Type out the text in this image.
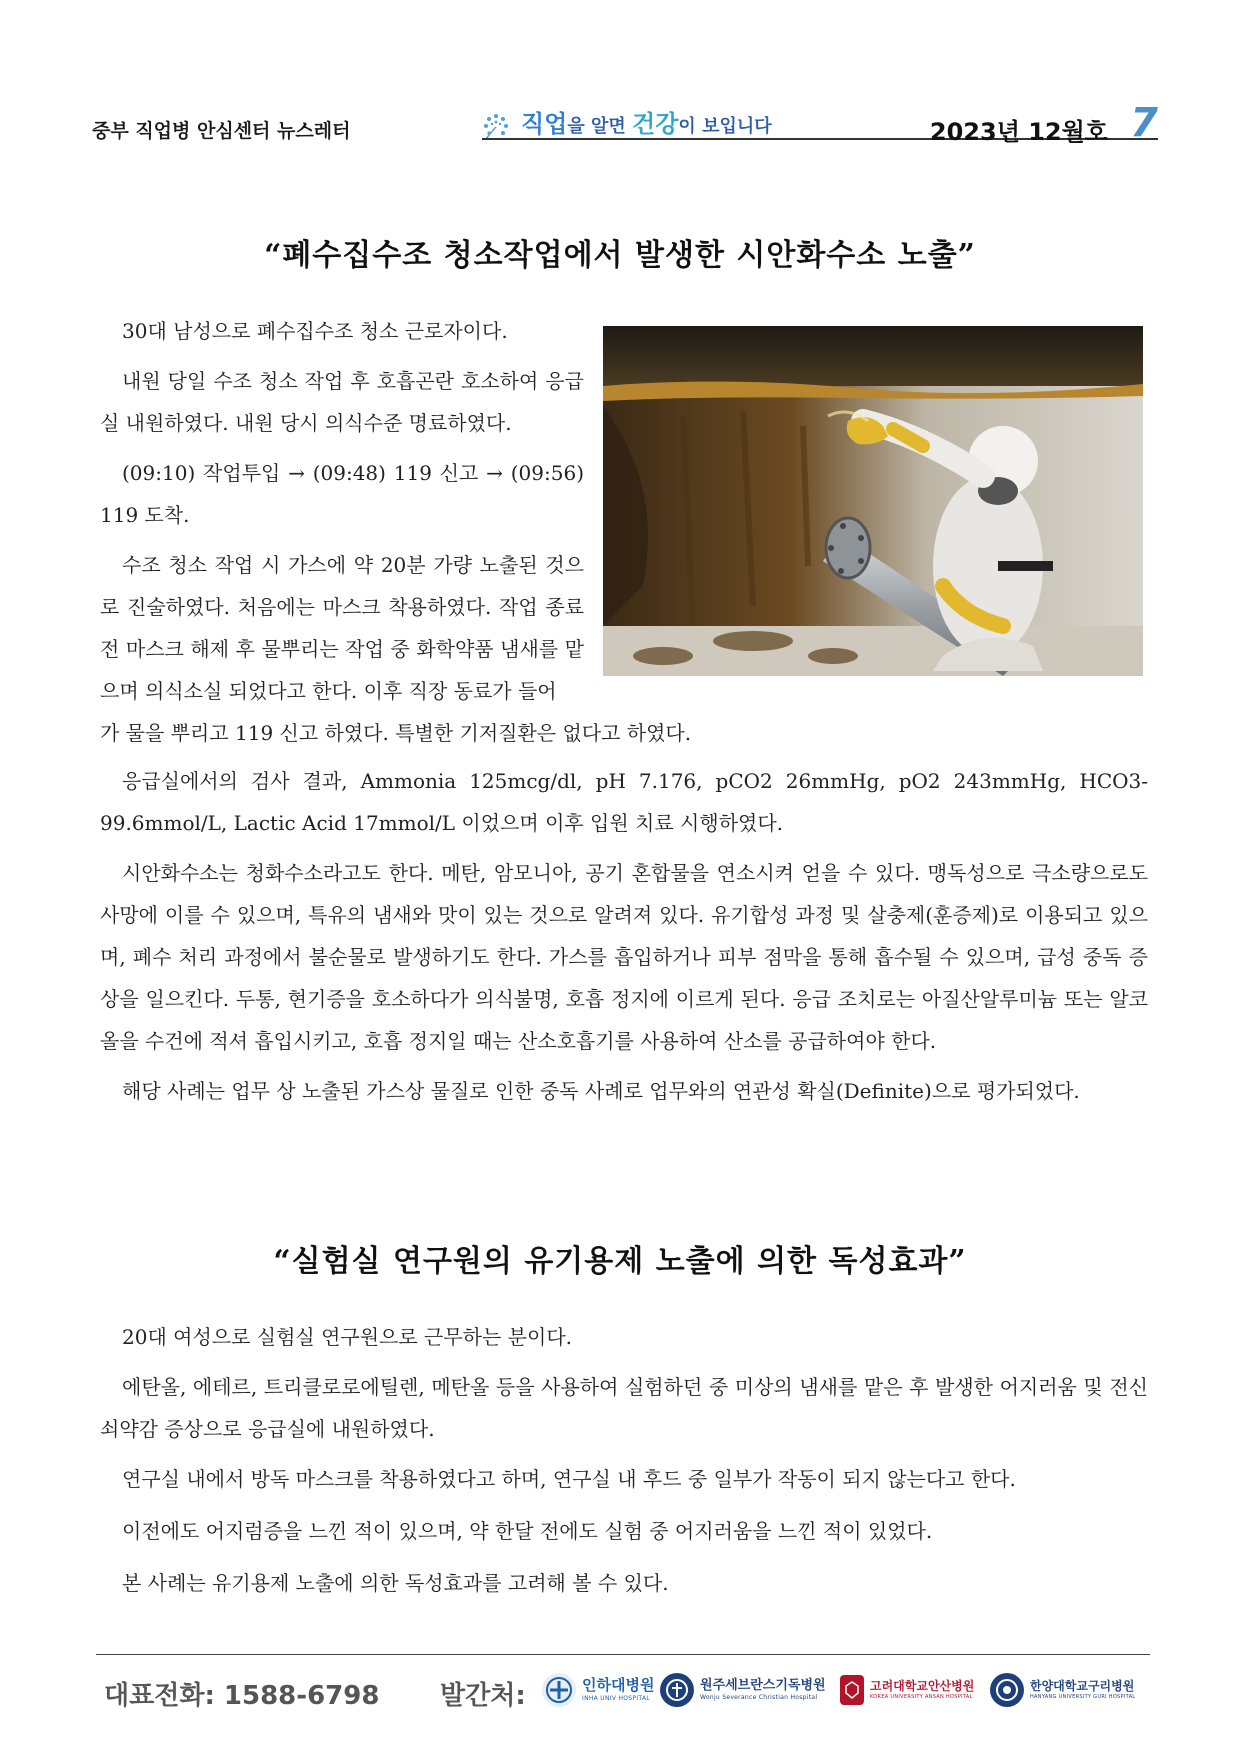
중부 직업병 안심센터 뉴스레터	직업을 알면 건강이 보입니다	2023년 12월호 7
“폐수집수조 청소작업에서 발생한 시안화수소 노출”
30대 남성으로 폐수집수조 청소 근로자이다.
내원 당일 수조 청소 작업 후 호흡곤란 호소하여 응급실 내원하였다. 내원 당시 의식수준 명료하였다.
(09:10) 작업투입 → (09:48) 119 신고 → (09:56) 119 도착.
수조 청소 작업 시 가스에 약 20분 가량 노출된 것으로 진술하였다. 처음에는 마스크 착용하였다. 작업 종료 전 마스크 해제 후 물뿌리는 작업 중 화학약품 냄새를 맡으며 의식소실 되었다고 한다. 이후 직장 동료가 들어
가 물을 뿌리고 119 신고 하였다. 특별한 기저질환은 없다고 하였다.
응급실에서의 검사 결과, Ammonia 125mcg/dl, pH 7.176, pCO2 26mmHg, pO2 243mmHg, HCO3- 99.6mmol/L, Lactic Acid 17mmol/L 이었으며 이후 입원 치료 시행하였다.
시안화수소는 청화수소라고도 한다. 메탄, 암모니아, 공기 혼합물을 연소시켜 얻을 수 있다. 맹독성으로 극소량으로도 사망에 이를 수 있으며, 특유의 냄새와 맛이 있는 것으로 알려져 있다. 유기합성 과정 및 살충제(훈증제)로 이용되고 있으며, 폐수 처리 과정에서 불순물로 발생하기도 한다. 가스를 흡입하거나 피부 점막을 통해 흡수될 수 있으며, 급성 중독 증상을 일으킨다. 두통, 현기증을 호소하다가 의식불명, 호흡 정지에 이르게 된다. 응급 조치로는 아질산알루미늄 또는 알코올을 수건에 적셔 흡입시키고, 호흡 정지일 때는 산소호흡기를 사용하여 산소를 공급하여야 한다.
해당 사례는 업무 상 노출된 가스상 물질로 인한 중독 사례로 업무와의 연관성 확실(Definite)으로 평가되었다.
“실험실 연구원의 유기용제 노출에 의한 독성효과”
20대 여성으로 실험실 연구원으로 근무하는 분이다.
에탄올, 에테르, 트리클로로에틸렌, 메탄올 등을 사용하여 실험하던 중 미상의 냄새를 맡은 후 발생한 어지러움 및 전신 쇠약감 증상으로 응급실에 내원하였다.
연구실 내에서 방독 마스크를 착용하였다고 하며, 연구실 내 후드 중 일부가 작동이 되지 않는다고 한다.
이전에도 어지럼증을 느낀 적이 있으며, 약 한달 전에도 실험 중 어지러움을 느낀 적이 있었다.
본 사례는 유기용제 노출에 의한 독성효과를 고려해 볼 수 있다.
대표전화: 1588-6798 발간처:	인하대병원
INHA UNIV HOSPITAL
원주세브란스기독병원
Wonju Severance Christian Hospital
고려대학교안산병원
KOREA UNIVERSITY ANSAN HOSPITAL
한양대학교구리병원
HANYANG UNIVERSITY GURI HOSPITAL
